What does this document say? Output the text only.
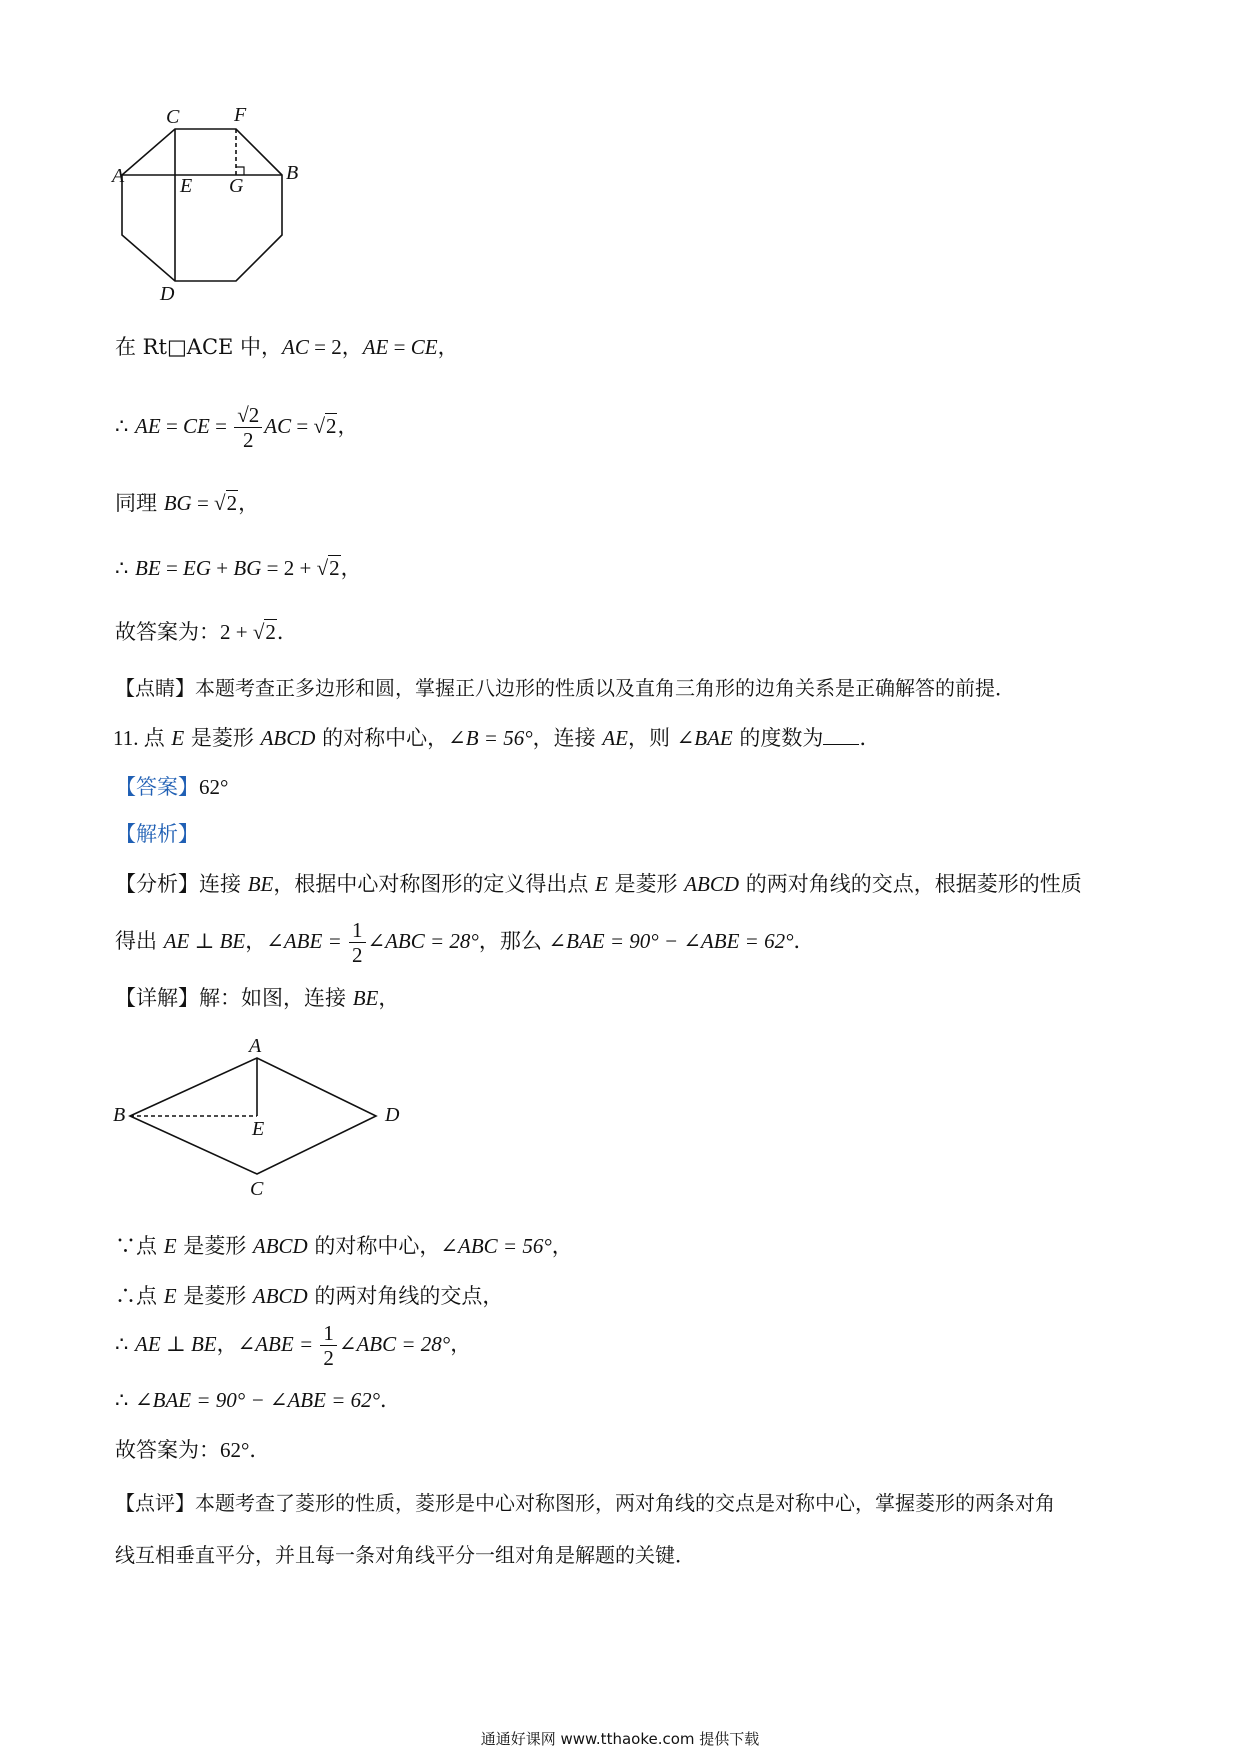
C	F
A	E G
B
D
在 Rt□ACE 中，AC = 2，AE = CE，
∴ AE = CE = $\frac{√2}{2}$ AC = √2，
同理 BG = √2，
∴ BE = EG + BG = 2 + √2，
故答案为：2 + √2．
【点睛】本题考查正多边形和圆，掌握正八边形的性质以及直角三角形的边角关系是正确解答的前提．
11. 点 E 是菱形 ABCD 的对称中心，∠B = 56°，连接 AE，则 ∠BAE 的度数为 ．
【答案】62°
【解析】
【分析】连接 BE，根据中心对称图形的定义得出点 E 是菱形 ABCD 的两对角线的交点，根据菱形的性质
得出 AE ⊥ BE，∠ABE = $\frac{1}{2}$ ∠ABC = 28°，那么 ∠BAE = 90° − ∠ABE = 62°．
【详解】解：如图，连接 BE，
A
B
E
D
C
∵点 E 是菱形 ABCD 的对称中心，∠ABC = 56°，
∴点 E 是菱形 ABCD 的两对角线的交点，
∴ AE ⊥ BE，∠ABE = $\frac{1}{2}$ ∠ABC = 28°，
∴ ∠BAE = 90° − ∠ABE = 62°．
故答案为：62°．
【点评】本题考查了菱形的性质，菱形是中心对称图形，两对角线的交点是对称中心，掌握菱形的两条对角
线互相垂直平分，并且每一条对角线平分一组对角是解题的关键．
通通好课网 www.tthaoke.com 提供下载
